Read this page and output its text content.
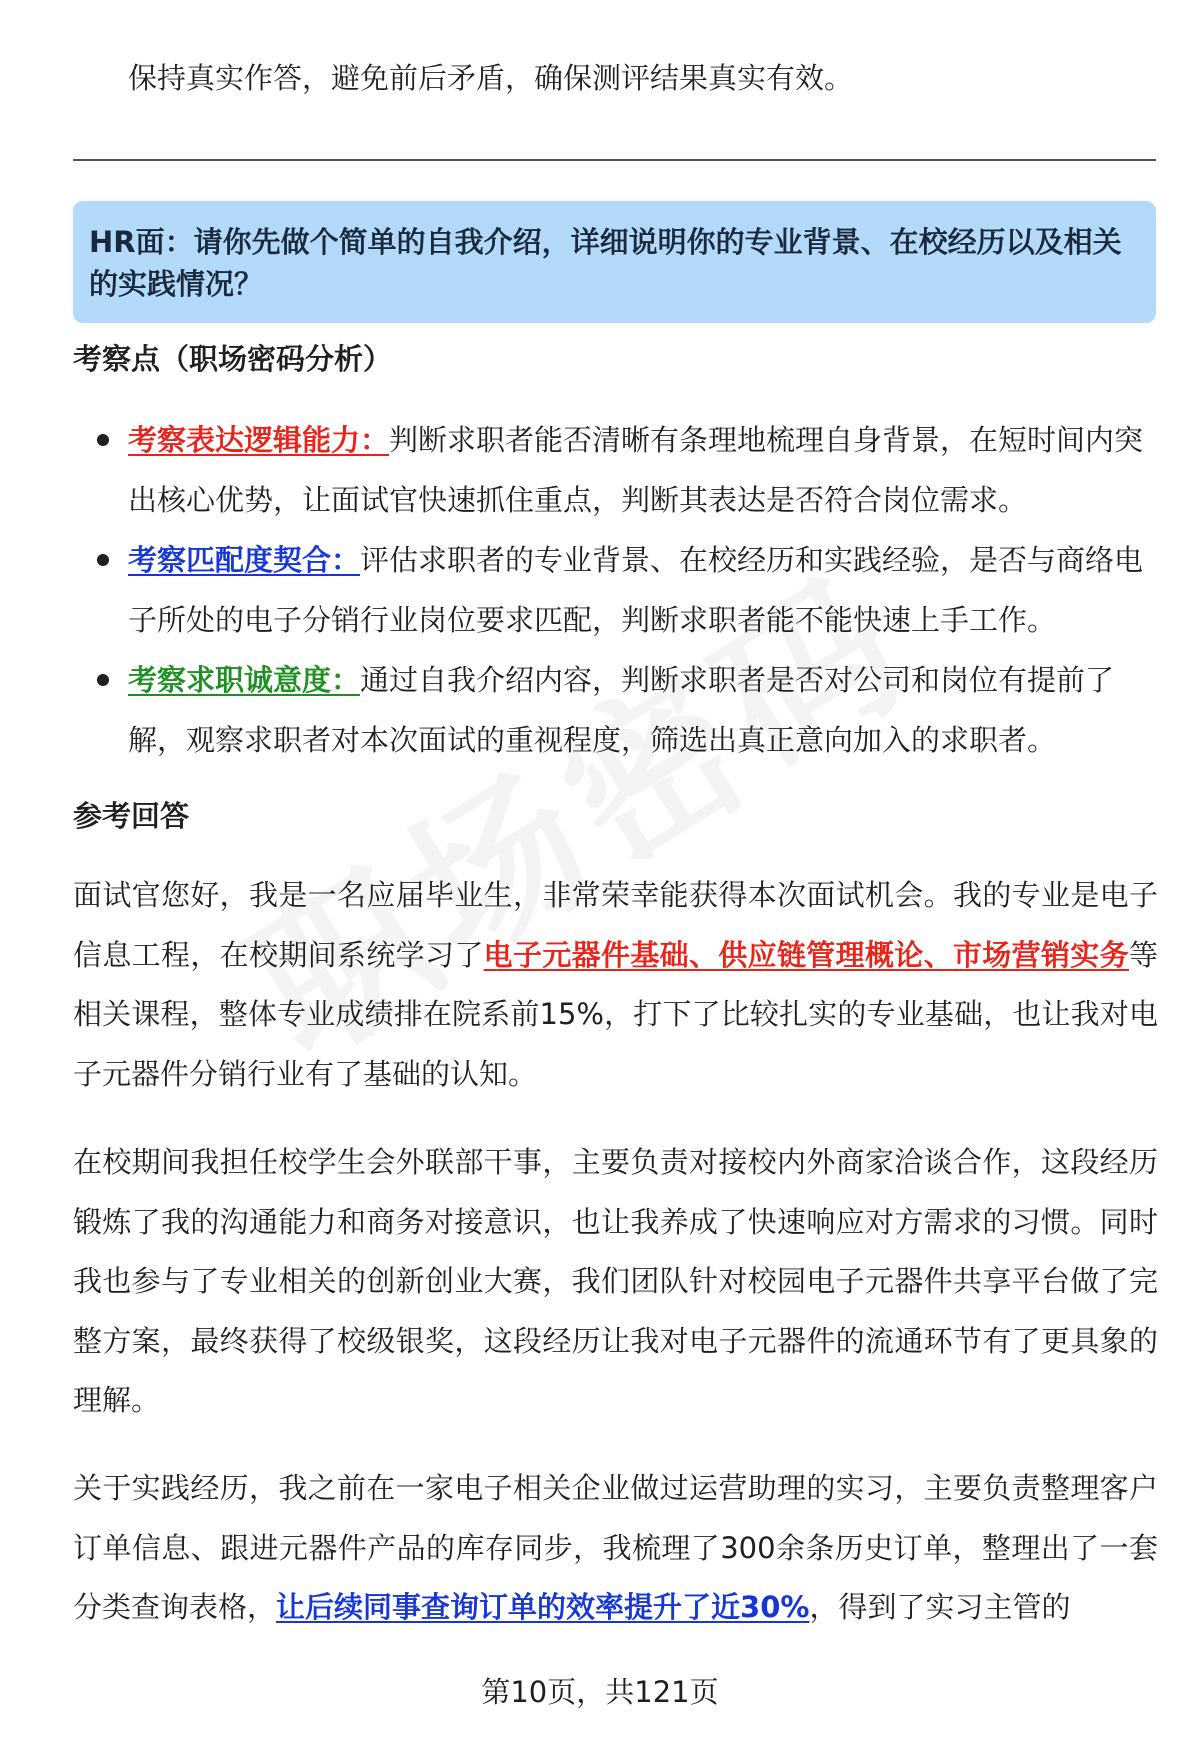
保持真实作答，避免前后矛盾，确保测评结果真实有效。
HR面：请你先做个简单的自我介绍，详细说明你的专业背景、在校经历以及相关的实践情况？
考察点（职场密码分析）
考察表达逻辑能力：判断求职者能否清晰有条理地梳理自身背景，在短时间内突出核心优势，让面试官快速抓住重点，判断其表达是否符合岗位需求。
考察匹配度契合：评估求职者的专业背景、在校经历和实践经验，是否与商络电子所处的电子分销行业岗位要求匹配，判断求职者能不能快速上手工作。
考察求职诚意度：通过自我介绍内容，判断求职者是否对公司和岗位有提前了解，观察求职者对本次面试的重视程度，筛选出真正意向加入的求职者。
参考回答

面试官您好，我是一名应届毕业生，非常荣幸能获得本次面试机会。我的专业是电子信息工程，在校期间系统学习了电子元器件基础、供应链管理概论、市场营销实务等相关课程，整体专业成绩排在院系前15%，打下了比较扎实的专业基础，也让我对电子元器件分销行业有了基础的认知。

在校期间我担任校学生会外联部干事，主要负责对接校内外商家洽谈合作，这段经历锻炼了我的沟通能力和商务对接意识，也让我养成了快速响应对方需求的习惯。同时我也参与了专业相关的创新创业大赛，我们团队针对校园电子元器件共享平台做了完整方案，最终获得了校级银奖，这段经历让我对电子元器件的流通环节有了更具象的理解。

关于实践经历，我之前在一家电子相关企业做过运营助理的实习，主要负责整理客户订单信息、跟进元器件产品的库存同步，我梳理了300余条历史订单，整理出了一套分类查询表格，让后续同事查询订单的效率提升了近30%，得到了实习主管的

第10页，共121页
